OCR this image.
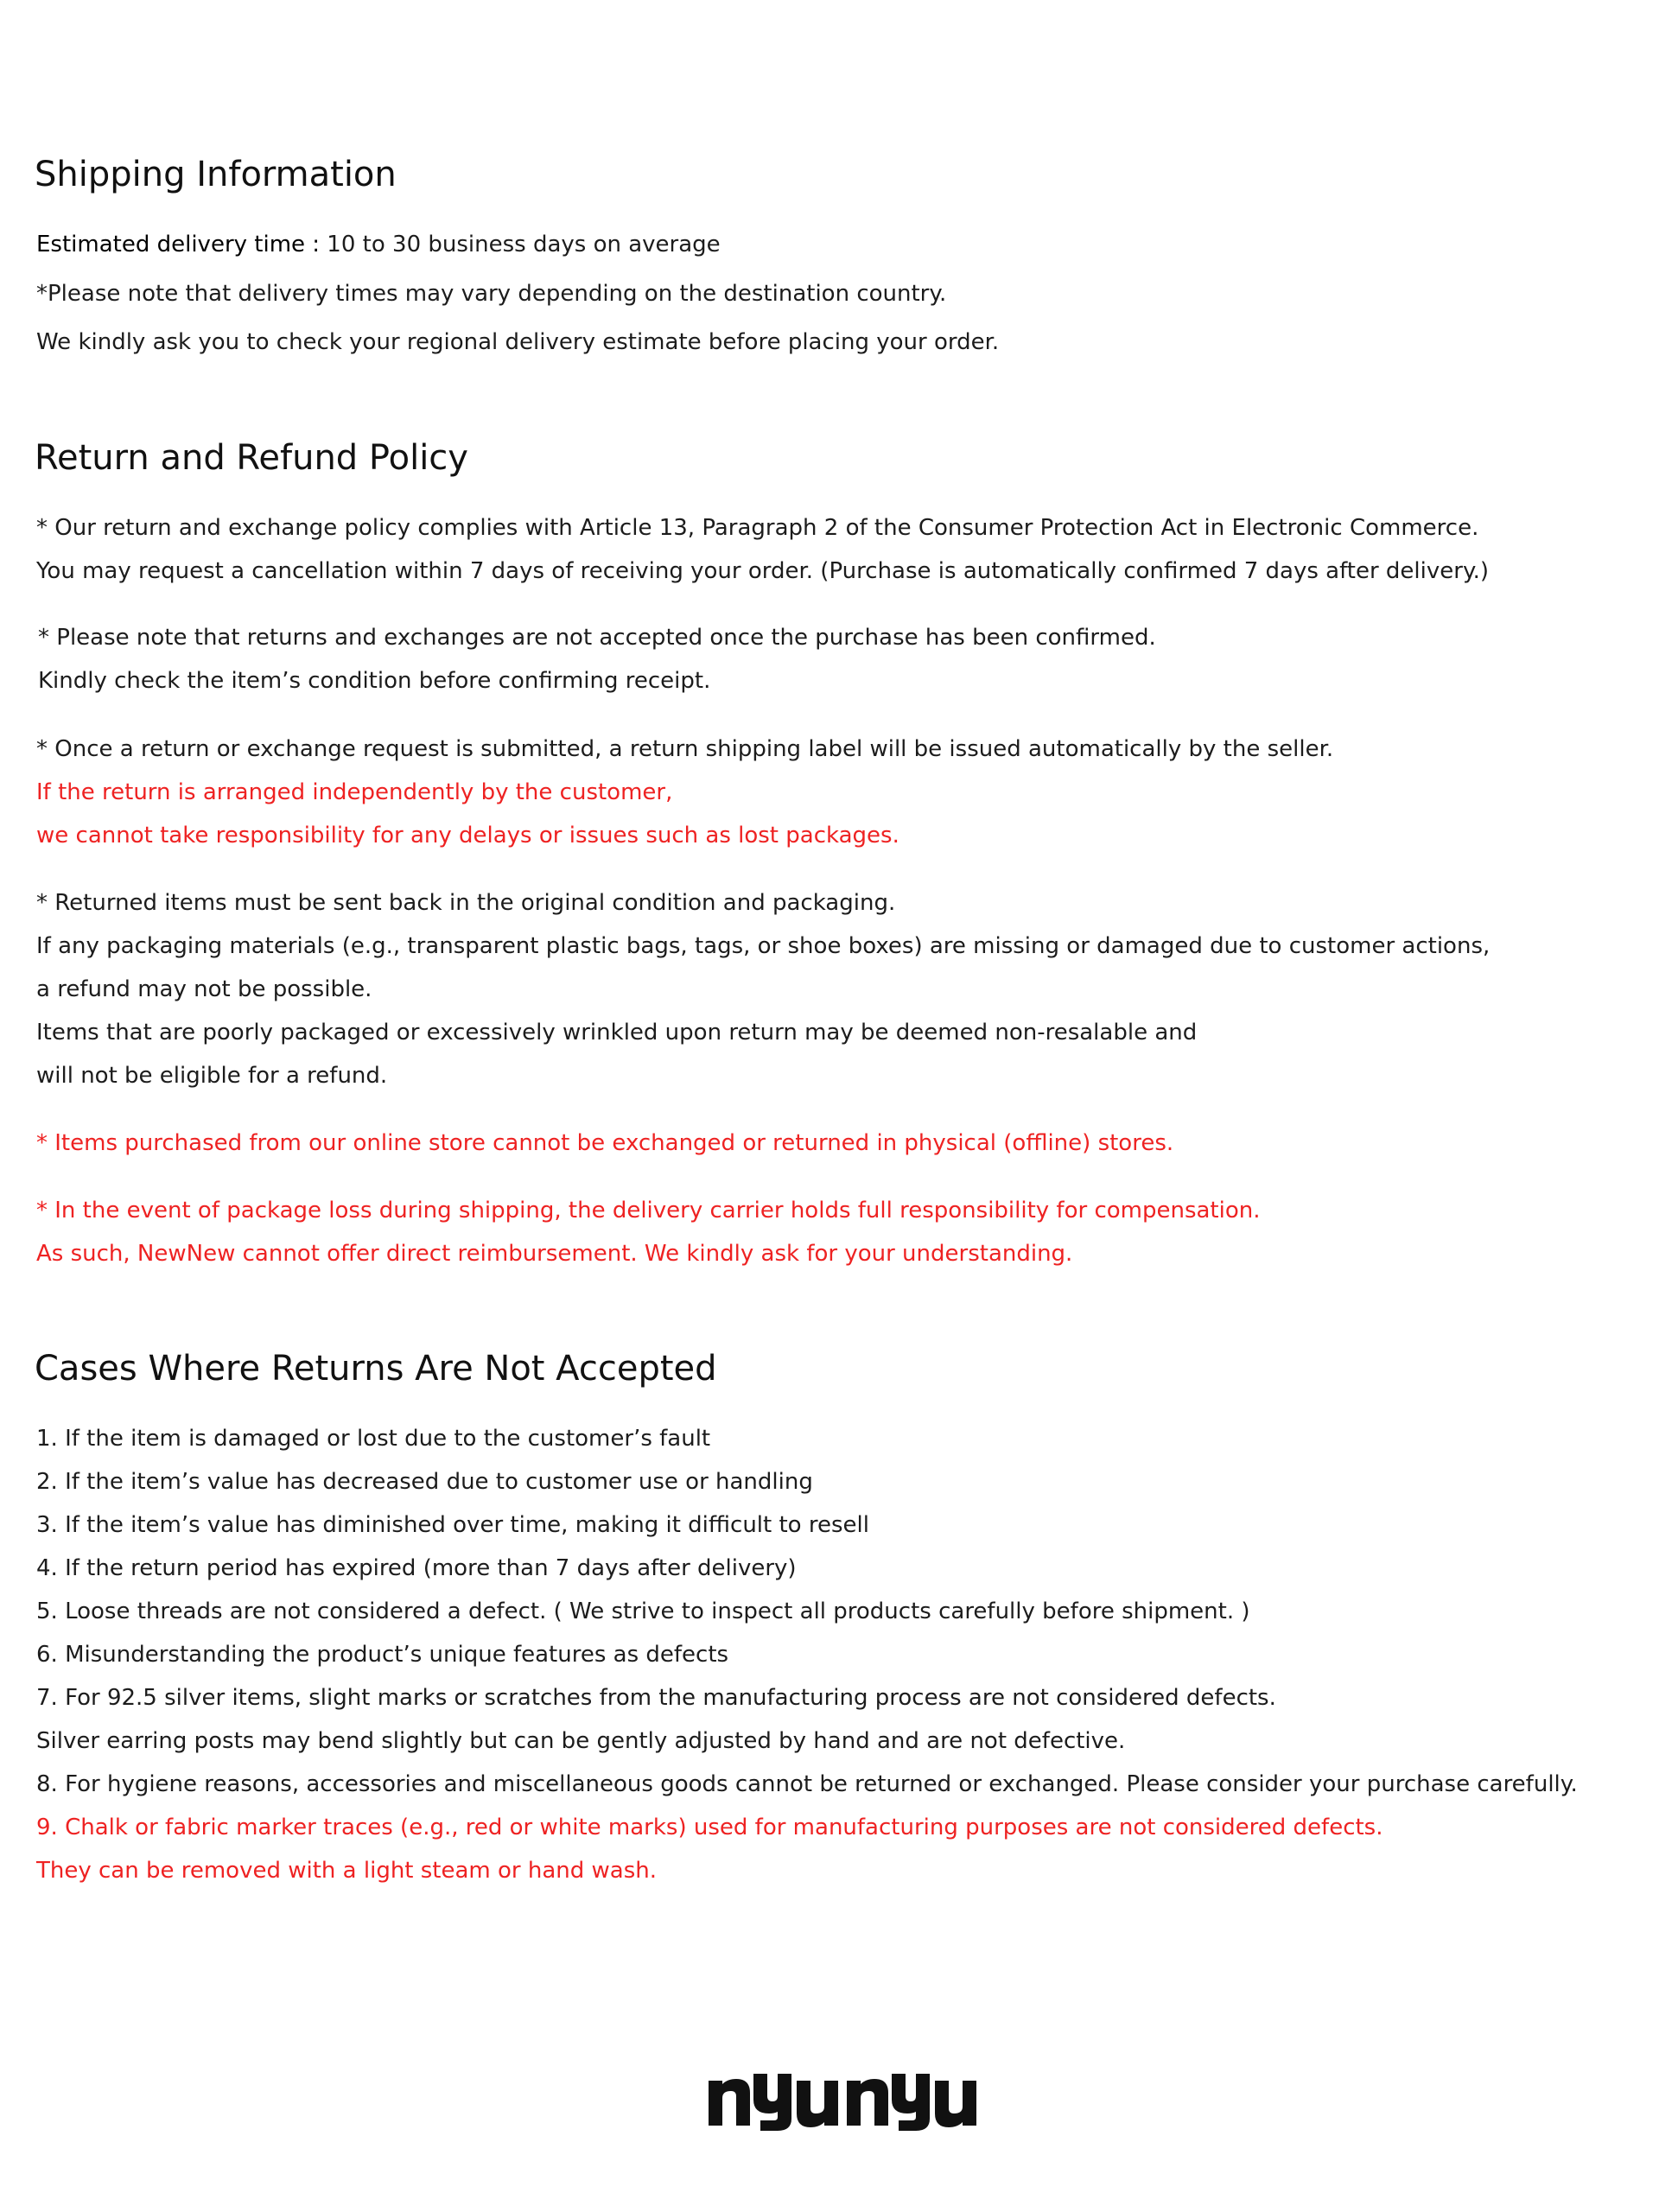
Shipping Information

Estimated delivery time : 10 to 30 business days on average

*Please note that delivery times may vary depending on the destination country.

We kindly ask you to check your regional delivery estimate before placing your order.

Return and Refund Policy

* Our return and exchange policy complies with Article 13, Paragraph 2 of the Consumer Protection Act in Electronic Commerce.

You may request a cancellation within 7 days of receiving your order. (Purchase is automatically confirmed 7 days after delivery.)

* Please note that returns and exchanges are not accepted once the purchase has been confirmed.

Kindly check the item’s condition before confirming receipt.

* Once a return or exchange request is submitted, a return shipping label will be issued automatically by the seller.

If the return is arranged independently by the customer,

we cannot take responsibility for any delays or issues such as lost packages.

* Returned items must be sent back in the original condition and packaging.

If any packaging materials (e.g., transparent plastic bags, tags, or shoe boxes) are missing or damaged due to customer actions,

a refund may not be possible.

Items that are poorly packaged or excessively wrinkled upon return may be deemed non-resalable and

will not be eligible for a refund.

* Items purchased from our online store cannot be exchanged or returned in physical (offline) stores.

* In the event of package loss during shipping, the delivery carrier holds full responsibility for compensation.

As such, NewNew cannot offer direct reimbursement. We kindly ask for your understanding.

Cases Where Returns Are Not Accepted

1. If the item is damaged or lost due to the customer’s fault

2. If the item’s value has decreased due to customer use or handling

3. If the item’s value has diminished over time, making it difficult to resell

4. If the return period has expired (more than 7 days after delivery)

5. Loose threads are not considered a defect. ( We strive to inspect all products carefully before shipment. )

6. Misunderstanding the product’s unique features as defects

7. For 92.5 silver items, slight marks or scratches from the manufacturing process are not considered defects.

Silver earring posts may bend slightly but can be gently adjusted by hand and are not defective.

8. For hygiene reasons, accessories and miscellaneous goods cannot be returned or exchanged. Please consider your purchase carefully.

9. Chalk or fabric marker traces (e.g., red or white marks) used for manufacturing purposes are not considered defects.

They can be removed with a light steam or hand wash.
